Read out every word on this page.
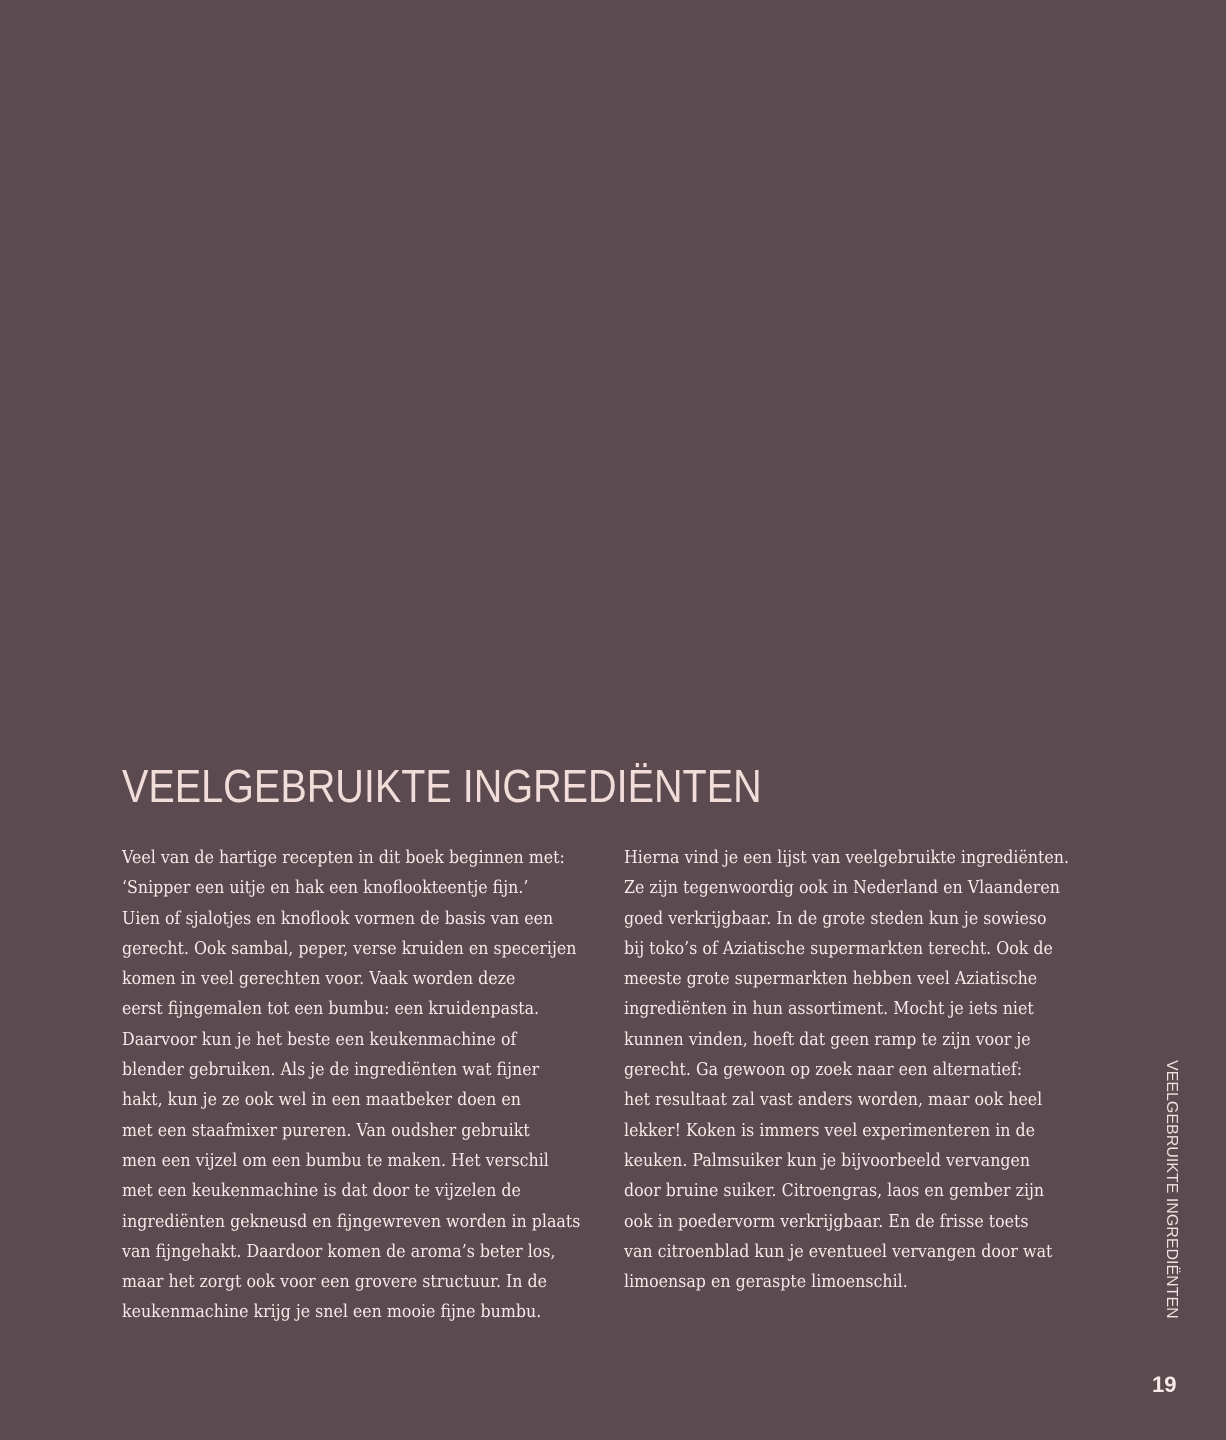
VEELGEBRUIKTE INGREDIËNTEN
Veel van de hartige recepten in dit boek beginnen met:
‘Snipper een uitje en hak een knoflookteentje fijn.’
Uien of sjalotjes en knoflook vormen de basis van een
gerecht. Ook sambal, peper, verse kruiden en specerijen
komen in veel gerechten voor. Vaak worden deze
eerst fijngemalen tot een bumbu: een kruidenpasta.
Daarvoor kun je het beste een keukenmachine of
blender gebruiken. Als je de ingrediënten wat fijner
hakt, kun je ze ook wel in een maatbeker doen en
met een staafmixer pureren. Van oudsher gebruikt
men een vijzel om een bumbu te maken. Het verschil
met een keukenmachine is dat door te vijzelen de
ingrediënten gekneusd en fijngewreven worden in plaats
van fijngehakt. Daardoor komen de aroma’s beter los,
maar het zorgt ook voor een grovere structuur. In de
keukenmachine krijg je snel een mooie fijne bumbu.
Hierna vind je een lijst van veelgebruikte ingrediënten.
Ze zijn tegenwoordig ook in Nederland en Vlaanderen
goed verkrijgbaar. In de grote steden kun je sowieso
bij toko’s of Aziatische supermarkten terecht. Ook de
meeste grote supermarkten hebben veel Aziatische
ingrediënten in hun assortiment. Mocht je iets niet
kunnen vinden, hoeft dat geen ramp te zijn voor je
gerecht. Ga gewoon op zoek naar een alternatief:
het resultaat zal vast anders worden, maar ook heel
lekker! Koken is immers veel experimenteren in de
keuken. Palmsuiker kun je bijvoorbeeld vervangen
door bruine suiker. Citroengras, laos en gember zijn
ook in poedervorm verkrijgbaar. En de frisse toets
van citroenblad kun je eventueel vervangen door wat
limoensap en geraspte limoenschil.	VEELGEBRUIKTE INGREDIËNTEN
19
